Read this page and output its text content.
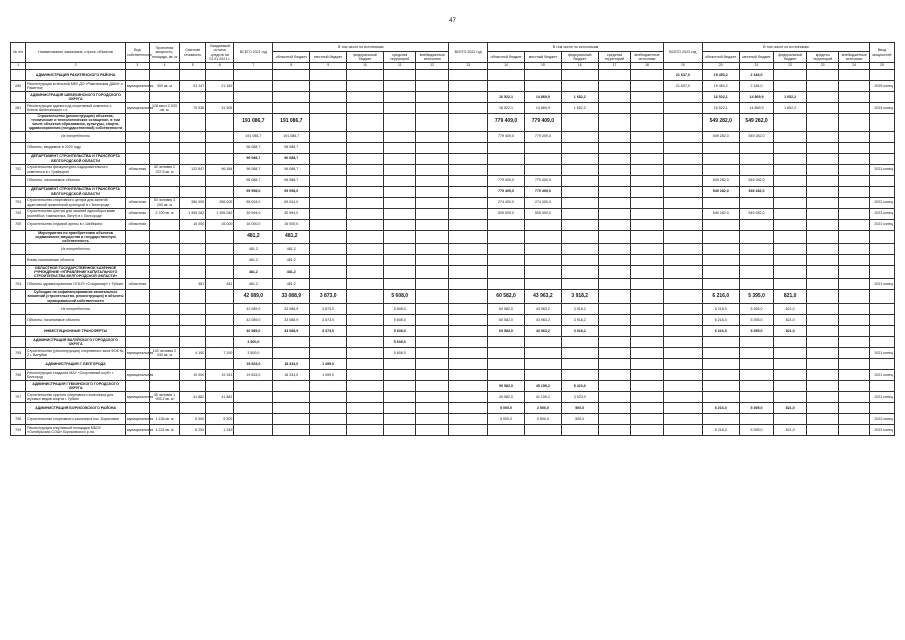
47
№ п/п	Наименование заказчиков, строек, объектов	Вид собственности	Проектная мощность, площадь, кв. м	Сметная стоимость	Ожидаемый остаток средств на 01.01.2021 г.	ВСЕГО 2021 год	В том числе по источникам					ВСЕГО 2022 год	В том числе по источникам					ВСЕГО 2023 год	В том числе по источникам					Ввод мощностей
							областной бюджет	местный бюджет	федеральный бюджет	средства территорий	внебюджетные источники		областной бюджет	местный бюджет	федеральный бюджет	средства территорий	внебюджетные источники		областной бюджет	местный бюджет	федеральный бюджет	кредиты территорий	внебюджетные источники	
1	2	3	4	5	6	7	8	9	10	11	12	13	14	15	16	17	18	19	20	21	22	23	24	25
	АДМИНИСТРАЦИЯ РАКИТЯНСКОГО РАЙОНА																	21 637,0	19 453,2	2 184,0				
280	Реконструкция котельной МБУ ДО «Ракитянская ДШИ» п. Ракитное	муниципальная	300 кв. м	23 147	21 182													21 637,0	19 453,2	2 184,0				2025 конец
	АДМИНИСТРАЦИЯ ШЕБЕКИНСКОГО ГОРОДСКОГО ОКРУГА												16 522,1	14 869,9	1 652,2				16 522,1	14 869,9	1 652,2			
281	Реконструкция здания под спортивный комплекс с. Ключи Шебекинского г.о.	муниципальная	128 мест 2 033 кв. м	79 936	31 905								16 522,1	14 869,9	1 652,2				16 522,1	14 869,9	1 652,2			2024 конец
	Строительство (реконструкция) объектов, технические и технологическое оснащение, в том числе объектов образования, культуры, спорта, здравоохранения (государственной) собственности					191 086,7	191 086,7						779 409,0	779 409,0					549 282,0	549 282,0				
	Из потребности					191 086,7	191 086,7						779 409,0	779 409,0					549 282,0	549 282,0				
	Объекты, вводимые в 2020 году					96 088,7	96 088,7																	
	ДЕПАРТАМЕНТ СТРОИТЕЛЬСТВА И ТРАНСПОРТА БЕЛГОРОДСКОЙ ОБЛАСТИ					96 088,7	96 088,7																	
702	Строительство физкультурно-оздоровительного комплекса в г. Грайворон	областная	40 человек 2 337,5 кв. м	132 847	96 184	96 088,7	96 088,7																	2021 конец
	Объекты, начинаемые объекты					96 088,7	96 088,7						779 409,0	779 409,0					549 282,0	549 282,0				
	ДЕПАРТАМЕНТ СТРОИТЕЛЬСТВА И ТРАНСПОРТА БЕЛГОРОДСКОЙ ОБЛАСТИ					95 998,0	95 998,0						779 409,0	779 409,0					549 282,0	549 282,0				
703	Строительство спортивного центра для занятий адаптивной физической культурой в г. Белгороде	областная	50 человек 3 200 кв. м	356 005	356 005	65 004,0	65 004,0						274 400,0	274 400,0										2022 конец
705	Строительство центра для занятий единоборствами (волейбол, гимнастика, батут) в г. Белгороде	областная	3 700 кв. м	1 395 282	1 395 282	30 994,0	30 994,0						505 009,0	505 009,0					549 282,0	549 282,0				2023 конец
705	Строительство ледовой арены в г. Шебекино	областная		16 000	16 000	16 000,0	16 000,0																	2021 конец
	Мероприятия по приобретению объектов недвижимого имущества в государственную собственность					481,2	481,2																	
	Из потребности					481,2	481,2																	
	Вновь начинаемые объекты					481,2	481,2																	
	ОБЛАСТНОЕ ГОСУДАРСТВЕННОЕ КАЗЕННОЕ УЧРЕЖДЕНИЕ «УПРАВЛЕНИЕ КАПИТАЛЬНОГО СТРОИТЕЛЬСТВА БЕЛГОРОДСКОЙ ОБЛАСТИ»					481,2	481,2																	
704	Объекты здравоохранения ОГБУЗ «Стационар» г. Губкин	областная		481	481	481,2	481,2																	2021 конец
	Субсидии на софинансирование капитальных вложений (строительство, реконструкция) в объекты муниципальной собственности					42 089,0	33 088,9	3 873,0		5 608,0			60 582,0	43 963,2	3 918,2				6 216,0	5 395,0	821,0			
	Из потребности					42 089,0	33 088,9	3 873,0		5 608,0			60 582,0	43 963,2	3 918,2				6 216,0	5 395,0	821,0			
	Объекты, начинаемые объекты					42 089,0	33 088,9	3 873,0		5 608,0			60 582,0	43 963,2	3 918,2				6 216,0	5 395,0	821,0			
	ИНВЕСТИЦИОННЫЕ ТРАНСФЕРТЫ					40 589,0	33 088,9	3 373,0		5 608,0			60 582,0	43 963,2	3 918,2				6 216,0	5 395,0	821,0			
	АДМИНИСТРАЦИЯ ВАЛУЙСКОГО ГОРОДСКОГО ОКРУГА					3 500,0				5 608,0														
705	Строительство (реконструкция) спортивного зала ФОК № 2 г. Валуйки	муниципальная	100 человек 2 030 кв. м	4 100	7 100	3 500,0				5 608,0														2021 конец
	АДМИНИСТРАЦИЯ Г. БЕЛГОРОДА					19 833,0	18 334,0	1 499,0																
706	Реконструкция стадиона МАУ «Спортивный клуб» г. Белгород	муниципальная		19 000	19 151	19 833,0	18 334,0	1 499,0																2021 конец
	АДМИНИСТРАЦИЯ ГУБКИНСКОГО ГОРОДСКОГО ОКРУГА												50 582,0	45 159,2	5 423,0									
707	Строительство крытого спортивного комплекса для игровых видов спорта г. Губкин	муниципальная	45 человек 1 993,2 кв. м	41 882	41 882								45 582,0	41 159,2	3 923,0									2021 конец
	АДМИНИСТРАЦИЯ БОРИСОВСКОГО РАЙОНА												5 000,0	2 500,0	500,0				6 216,0	5 395,0	821,0			
708	Строительство спортивного комплекса пос. Борисовка	муниципальная	1 136 кв. м	5 300	5 300								5 000,0	2 500,0	500,0									2022 конец
709	Реконструкция спортивной площадки МБОУ «Октябрьская СОШ» Борисовского р-на	муниципальная	1 224 кв. м	6 200	1 249														6 216,0	5 395,0	821,0			2023 конец
